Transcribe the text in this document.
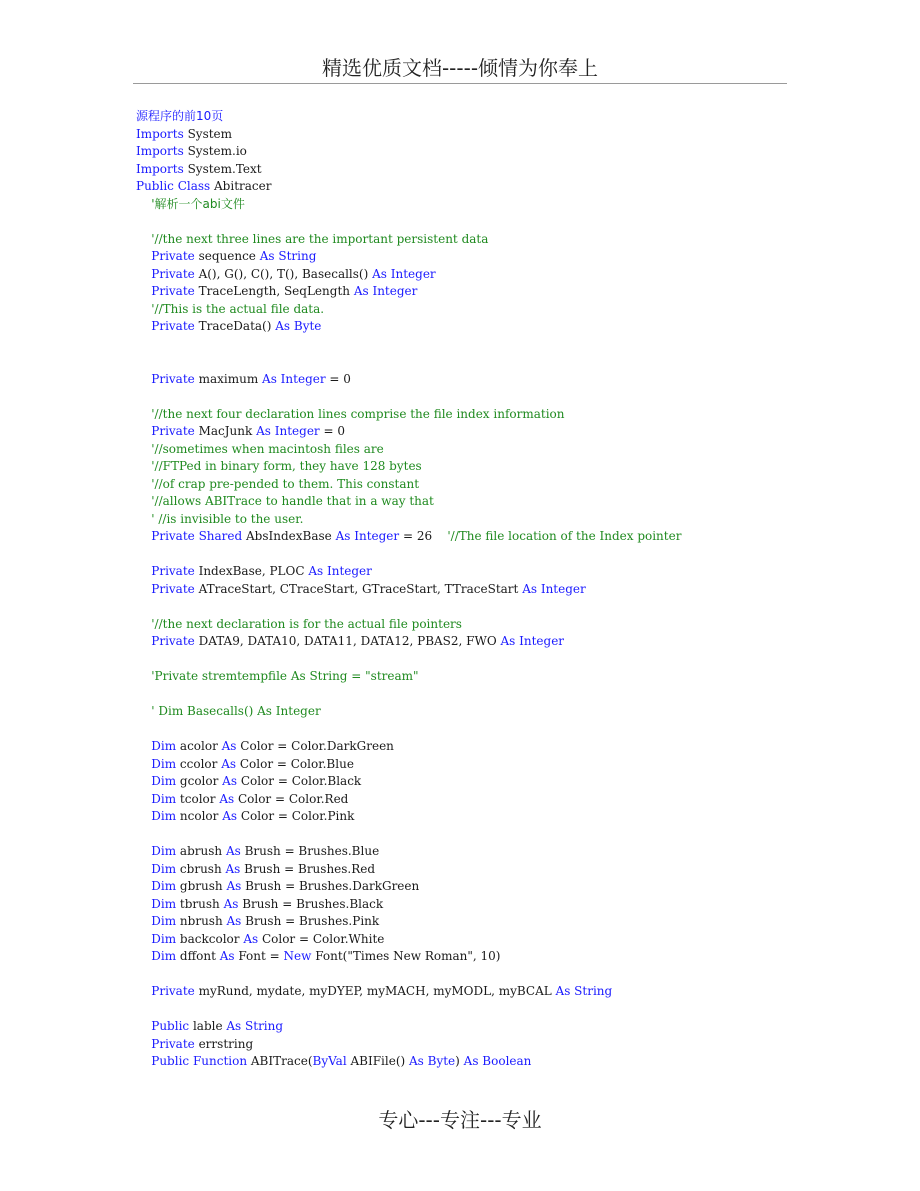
精选优质文档-----倾情为你奉上
源程序的前10页
Imports System
Imports System.io
Imports System.Text
Public Class Abitracer
'解析一个abi文件
'//the next three lines are the important persistent data
Private sequence As String
Private A(), G(), C(), T(), Basecalls() As Integer
Private TraceLength, SeqLength As Integer
'//This is the actual file data.
Private TraceData() As Byte
Private maximum As Integer = 0
'//the next four declaration lines comprise the file index information
Private MacJunk As Integer = 0
'//sometimes when macintosh files are
'//FTPed in binary form, they have 128 bytes
'//of crap pre-pended to them. This constant
'//allows ABITrace to handle that in a way that
' //is invisible to the user.
Private Shared AbsIndexBase As Integer = 26    '//The file location of the Index pointer
Private IndexBase, PLOC As Integer
Private ATraceStart, CTraceStart, GTraceStart, TTraceStart As Integer
'//the next declaration is for the actual file pointers
Private DATA9, DATA10, DATA11, DATA12, PBAS2, FWO As Integer
'Private stremtempfile As String = "stream"
' Dim Basecalls() As Integer
Dim acolor As Color = Color.DarkGreen
Dim ccolor As Color = Color.Blue
Dim gcolor As Color = Color.Black
Dim tcolor As Color = Color.Red
Dim ncolor As Color = Color.Pink
Dim abrush As Brush = Brushes.Blue
Dim cbrush As Brush = Brushes.Red
Dim gbrush As Brush = Brushes.DarkGreen
Dim tbrush As Brush = Brushes.Black
Dim nbrush As Brush = Brushes.Pink
Dim backcolor As Color = Color.White
Dim dffont As Font = New Font("Times New Roman", 10)
Private myRund, mydate, myDYEP, myMACH, myMODL, myBCAL As String
Public lable As String
Private errstring
Public Function ABITrace(ByVal ABIFile() As Byte) As Boolean
专心---专注---专业
